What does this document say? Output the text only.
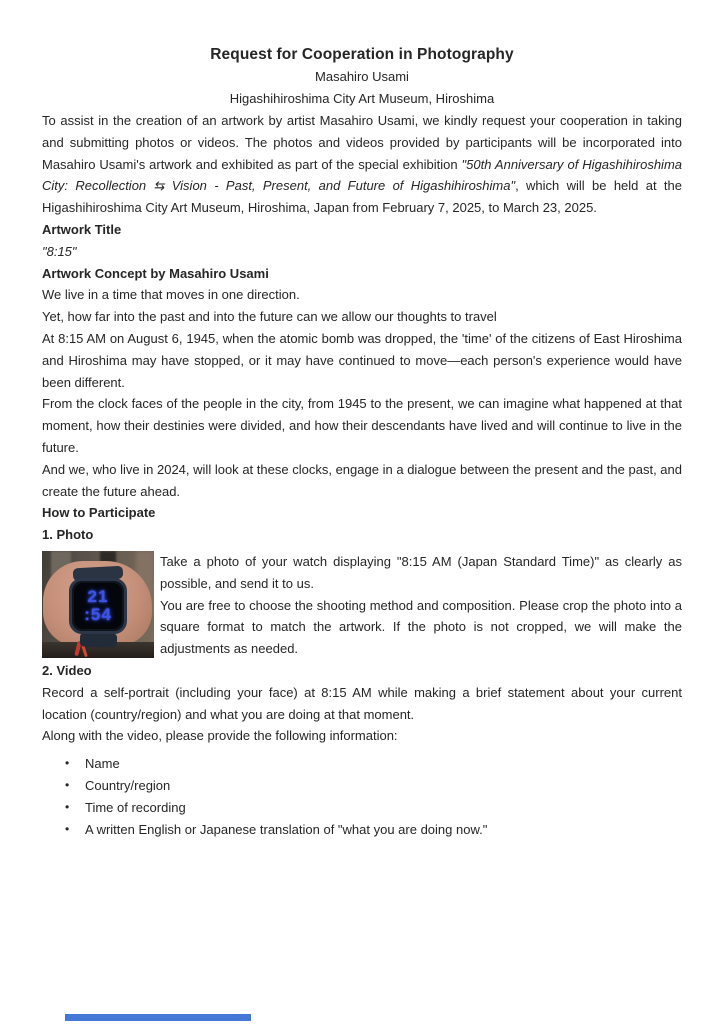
Request for Cooperation in Photography
Masahiro Usami
Higashihiroshima City Art Museum, Hiroshima

To assist in the creation of an artwork by artist Masahiro Usami, we kindly request your cooperation in taking and submitting photos or videos. The photos and videos provided by participants will be incorporated into Masahiro Usami's artwork and exhibited as part of the special exhibition "50th Anniversary of Higashihiroshima City: Recollection ⇆ Vision - Past, Present, and Future of Higashihiroshima", which will be held at the Higashihiroshima City Art Museum, Hiroshima, Japan from February 7, 2025, to March 23, 2025.

Artwork Title

"8:15"

Artwork Concept by Masahiro Usami

We live in a time that moves in one direction.

Yet, how far into the past and into the future can we allow our thoughts to travel

At 8:15 AM on August 6, 1945, when the atomic bomb was dropped, the 'time' of the citizens of East Hiroshima and Hiroshima may have stopped, or it may have continued to move—each person's experience would have been different.

From the clock faces of the people in the city, from 1945 to the present, we can imagine what happened at that moment, how their destinies were divided, and how their descendants have lived and will continue to live in the future.

And we, who live in 2024, will look at these clocks, engage in a dialogue between the present and the past, and create the future ahead.

How to Participate

1. Photo

21
:54

Take a photo of your watch displaying "8:15 AM (Japan Standard Time)" as clearly as possible, and send it to us.

You are free to choose the shooting method and composition. Please crop the photo into a square format to match the artwork. If the photo is not cropped, we will make the adjustments as needed.

2. Video

Record a self-portrait (including your face) at 8:15 AM while making a brief statement about your current location (country/region) and what you are doing at that moment.

Along with the video, please provide the following information:

•	Name
•	Country/region
•	Time of recording
•	A written English or Japanese translation of "what you are doing now."
